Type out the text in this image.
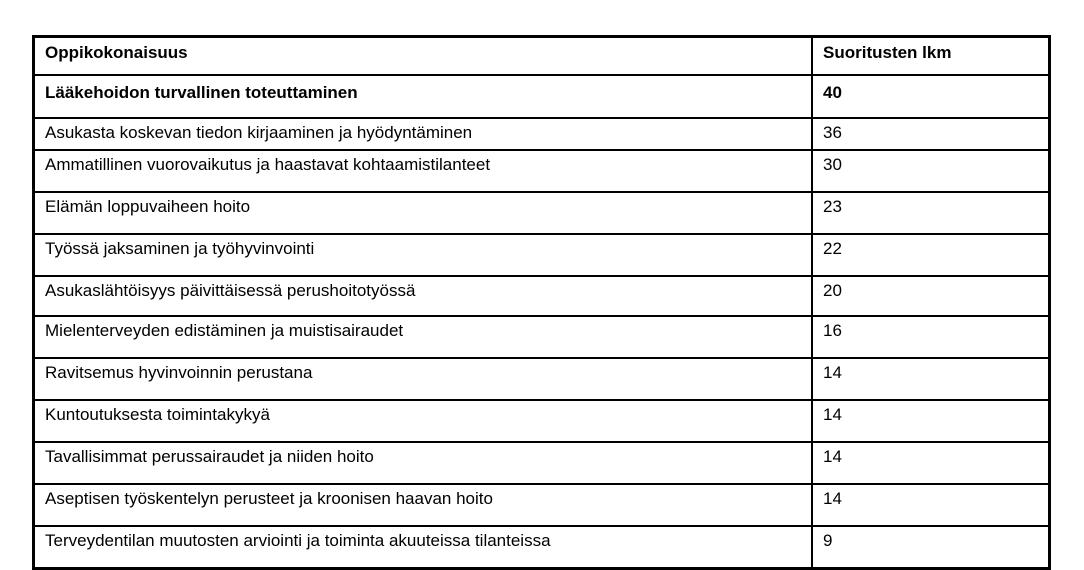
Oppikokonaisuus	Suoritusten lkm
Lääkehoidon turvallinen toteuttaminen	40
Asukasta koskevan tiedon kirjaaminen ja hyödyntäminen	36
Ammatillinen vuorovaikutus ja haastavat kohtaamistilanteet	30
Elämän loppuvaiheen hoito	23
Työssä jaksaminen ja työhyvinvointi	22
Asukaslähtöisyys päivittäisessä perushoitotyössä	20
Mielenterveyden edistäminen ja muistisairaudet	16
Ravitsemus hyvinvoinnin perustana	14
Kuntoutuksesta toimintakykyä	14
Tavallisimmat perussairaudet ja niiden hoito	14
Aseptisen työskentelyn perusteet ja kroonisen haavan hoito	14
Terveydentilan muutosten arviointi ja toiminta akuuteissa tilanteissa	9
